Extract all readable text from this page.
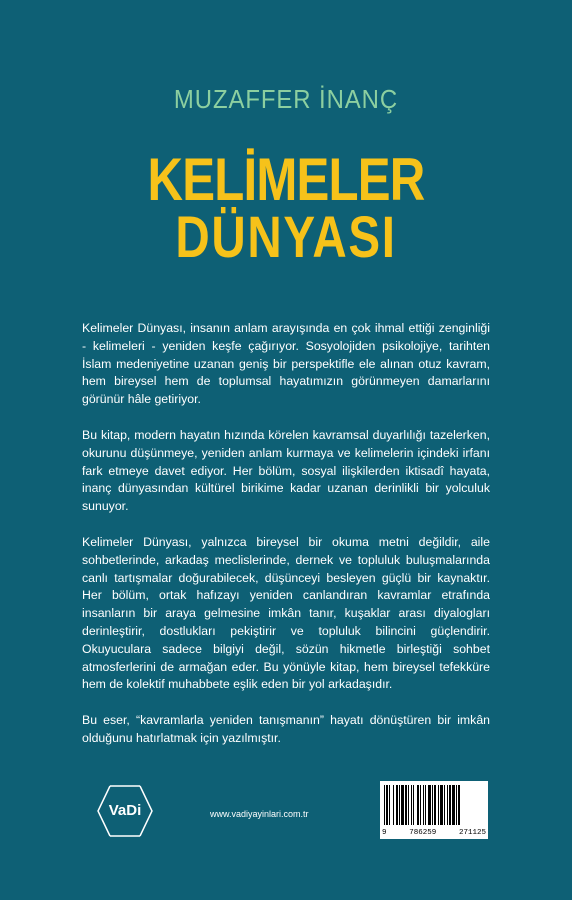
MUZAFFER İNANÇ
KELİMELER
DÜNYASI

Kelimeler Dünyası, insanın anlam arayışında en çok ihmal ettiği zenginliği - kelimeleri - yeniden keşfe çağırıyor. Sosyolojiden psikolojiye, tarihten İslam medeniyetine uzanan geniş bir perspektifle ele alınan otuz kavram, hem bireysel hem de toplumsal hayatımızın görünmeyen damarlarını görünür hâle getiriyor.

Bu kitap, modern hayatın hızında körelen kavramsal duyarlılığı tazelerken, okurunu düşünmeye, yeniden anlam kurmaya ve kelimelerin içindeki irfanı fark etmeye davet ediyor. Her bölüm, sosyal ilişkilerden iktisadî hayata, inanç dünyasından kültürel birikime kadar uzanan derinlikli bir yolculuk sunuyor.

Kelimeler Dünyası, yalnızca bireysel bir okuma metni değildir, aile sohbetlerinde, arkadaş meclislerinde, dernek ve topluluk buluşmalarında canlı tartışmalar doğurabilecek, düşünceyi besleyen güçlü bir kaynaktır. Her bölüm, ortak hafızayı yeniden canlandıran kavramlar etrafında insanların bir araya gelmesine imkân tanır, kuşaklar arası diyalogları derinleştirir, dostlukları pekiştirir ve topluluk bilincini güçlendirir. Okuyuculara sadece bilgiyi değil, sözün hikmetle birleştiği sohbet atmosferlerini de armağan eder. Bu yönüyle kitap, hem bireysel tefekküre hem de kolektif muhabbete eşlik eden bir yol arkadaşıdır.

Bu eser, “kavramlarla yeniden tanışmanın” hayatı dönüştüren bir imkân olduğunu hatırlatmak için yazılmıştır.

VaDi	www.vadiyayinlari.com.tr
9	786259	271125
